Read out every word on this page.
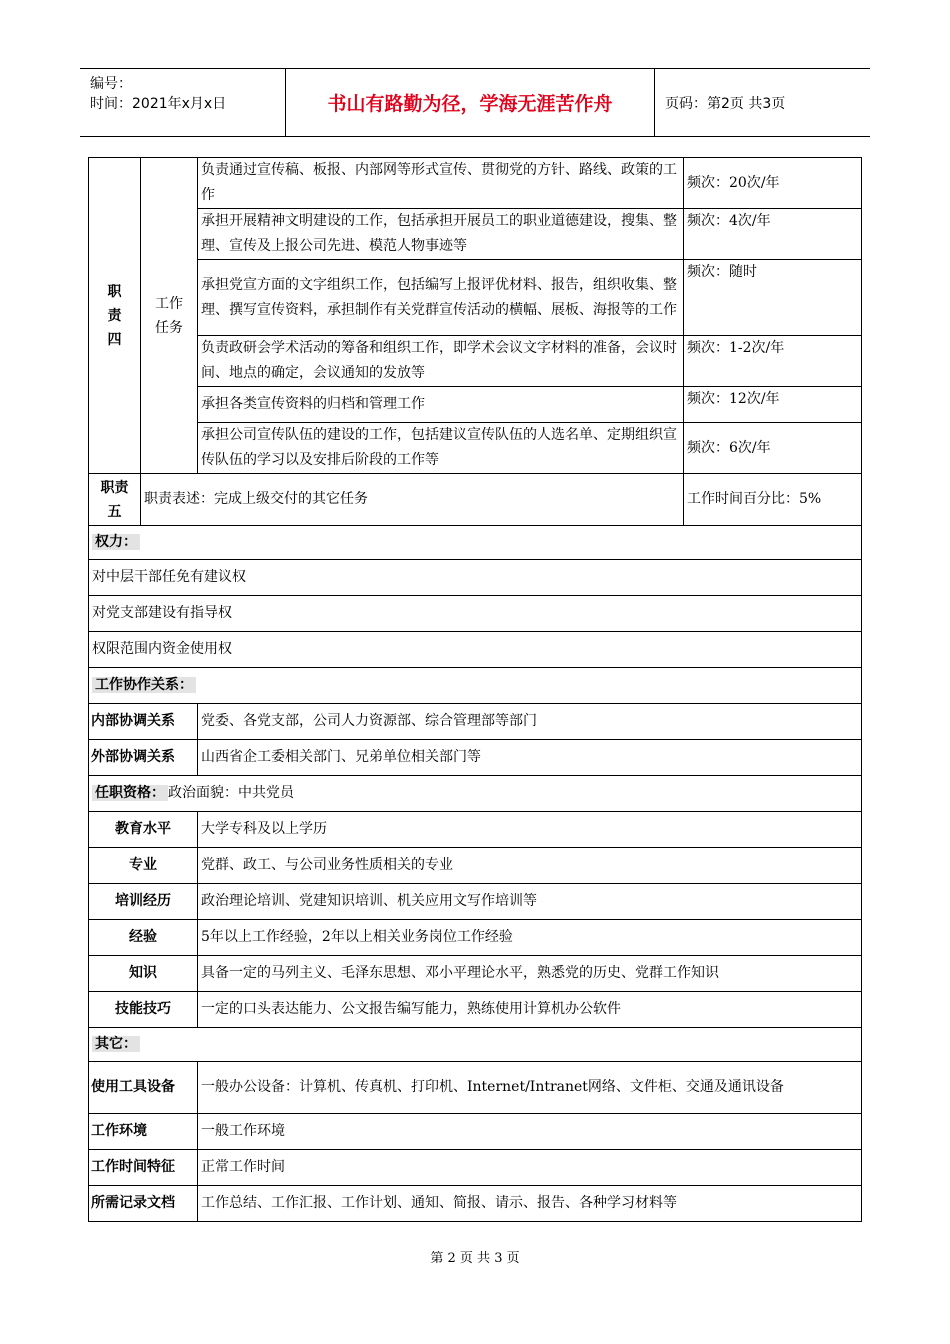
编号：
时间：2021年x月x日	书山有路勤为径，学海无涯苦作舟	页码：第2页 共3页
职责四	工作任务	负责通过宣传稿、板报、内部网等形式宣传、贯彻党的方针、路线、政策的工作	频次：20次/年
		承担开展精神文明建设的工作，包括承担开展员工的职业道德建设，搜集、整理、宣传及上报公司先进、模范人物事迹等	频次：4次/年
		承担党宣方面的文字组织工作，包括编写上报评优材料、报告，组织收集、整理、撰写宣传资料，承担制作有关党群宣传活动的横幅、展板、海报等的工作	频次：随时
		负责政研会学术活动的筹备和组织工作，即学术会议文字材料的准备，会议时间、地点的确定，会议通知的发放等	频次：1-2次/年
		承担各类宣传资料的归档和管理工作	频次：12次/年
		承担公司宣传队伍的建设的工作，包括建议宣传队伍的人选名单、定期组织宣传队伍的学习以及安排后阶段的工作等	频次：6次/年

职责五	职责表述：完成上级交付的其它任务		工作时间百分比：5%
权力：			
对中层干部任免有建议权			
对党支部建设有指导权			
权限范围内资金使用权			
工作协作关系：			
内部协调关系		党委、各党支部，公司人力资源部、综合管理部等部门	
外部协调关系		山西省企工委相关部门、兄弟单位相关部门等	
任职资格： 政治面貌：中共党员			
教育水平		大学专科及以上学历	
专业		党群、政工、与公司业务性质相关的专业	
培训经历		政治理论培训、党建知识培训、机关应用文写作培训等	
经验		5年以上工作经验，2年以上相关业务岗位工作经验	
知识		具备一定的马列主义、毛泽东思想、邓小平理论水平，熟悉党的历史、党群工作知识	
技能技巧		一定的口头表达能力、公文报告编写能力，熟练使用计算机办公软件	
其它：			
使用工具设备		一般办公设备：计算机、传真机、打印机、Internet/Intranet网络、文件柜、交通及通讯设备	
工作环境		一般工作环境	
工作时间特征		正常工作时间	
所需记录文档		工作总结、工作汇报、工作计划、通知、简报、请示、报告、各种学习材料等	
第 2 页 共 3 页
